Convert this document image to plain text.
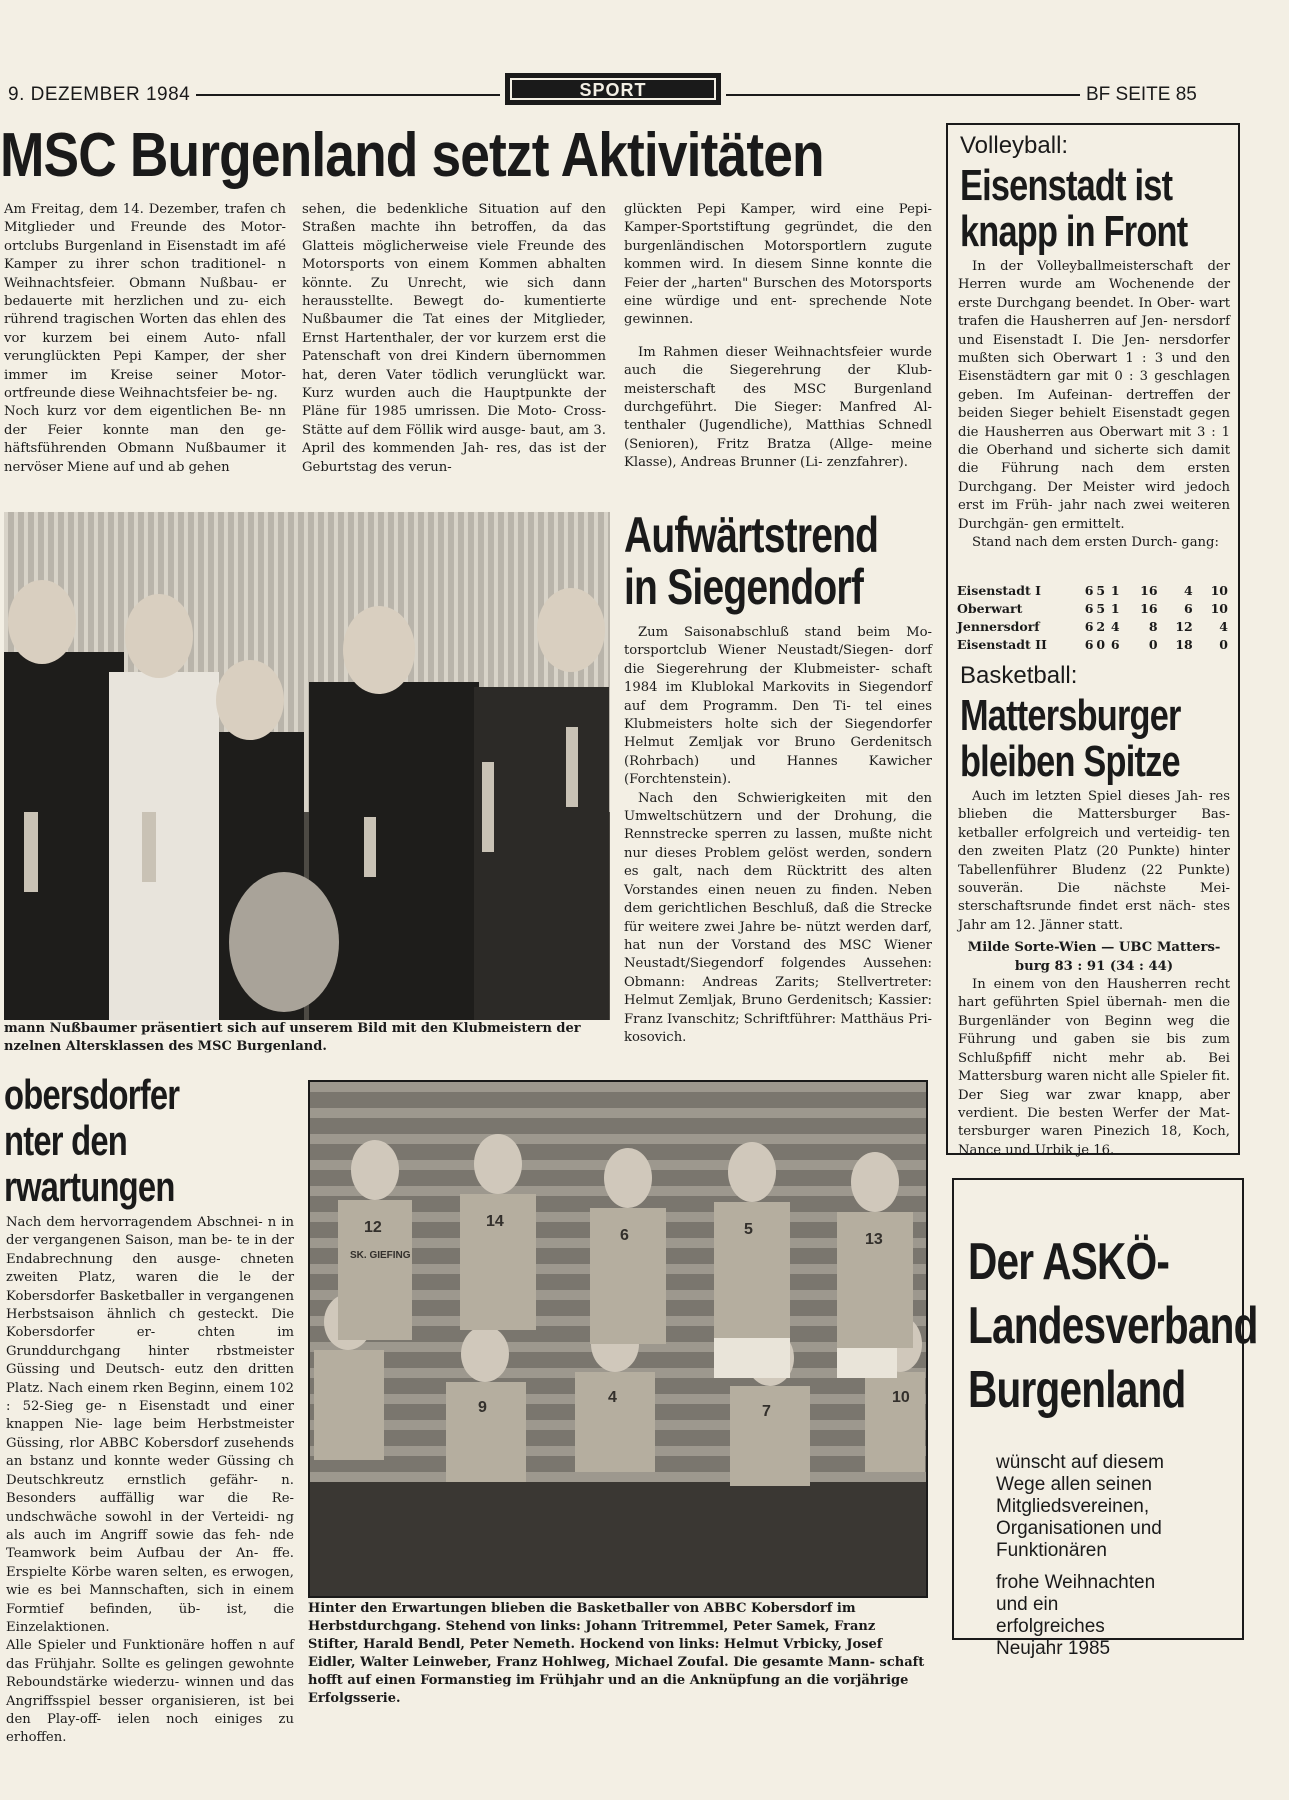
9. DEZEMBER 1984	SPORT	BF SEITE 85
MSC Burgenland setzt Aktivitäten

Am Freitag, dem 14. Dezember, trafen ch Mitglieder und Freunde des Motor- ortclubs Burgenland in Eisenstadt im afé Kamper zu ihrer schon traditionel- n Weihnachtsfeier. Obmann Nußbau- er bedauerte mit herzlichen und zu- eich rührend tragischen Worten das ehlen des vor kurzem bei einem Auto- nfall verunglückten Pepi Kamper, der sher immer im Kreise seiner Motor- ortfreunde diese Weihnachtsfeier be- ng.

Noch kurz vor dem eigentlichen Be- nn der Feier konnte man den ge- häftsführenden Obmann Nußbaumer it nervöser Miene auf und ab gehen

sehen, die bedenkliche Situation auf den Straßen machte ihn betroffen, da das Glatteis möglicherweise viele Freunde des Motorsports von einem Kommen abhalten könnte. Zu Unrecht, wie sich dann herausstellte. Bewegt do- kumentierte Nußbaumer die Tat eines der Mitglieder, Ernst Hartenthaler, der vor kurzem erst die Patenschaft von drei Kindern übernommen hat, deren Vater tödlich verunglückt war. Kurz wurden auch die Hauptpunkte der Pläne für 1985 umrissen. Die Moto- Cross-Stätte auf dem Föllik wird ausge- baut, am 3. April des kommenden Jah- res, das ist der Geburtstag des verun-

glückten Pepi Kamper, wird eine Pepi- Kamper-Sportstiftung gegründet, die den burgenländischen Motorsportlern zugute kommen wird. In diesem Sinne konnte die Feier der „harten" Burschen des Motorsports eine würdige und ent- sprechende Note gewinnen.

Im Rahmen dieser Weihnachtsfeier wurde auch die Siegerehrung der Klub- meisterschaft des MSC Burgenland durchgeführt. Die Sieger: Manfred Al- tenthaler (Jugendliche), Matthias Schnedl (Senioren), Fritz Bratza (Allge- meine Klasse), Andreas Brunner (Li- zenzfahrer).

mann Nußbaumer präsentiert sich auf unserem Bild mit den Klubmeistern der nzelnen Altersklassen des MSC Burgenland.
Aufwärtstrend
in Siegendorf

Zum Saisonabschluß stand beim Mo- torsportclub Wiener Neustadt/Siegen- dorf die Siegerehrung der Klubmeister- schaft 1984 im Klublokal Markovits in Siegendorf auf dem Programm. Den Ti- tel eines Klubmeisters holte sich der Siegendorfer Helmut Zemljak vor Bruno Gerdenitsch (Rohrbach) und Hannes Kawicher (Forchtenstein).

Nach den Schwierigkeiten mit den Umweltschützern und der Drohung, die Rennstrecke sperren zu lassen, mußte nicht nur dieses Problem gelöst werden, sondern es galt, nach dem Rücktritt des alten Vorstandes einen neuen zu finden. Neben dem gerichtlichen Beschluß, daß die Strecke für weitere zwei Jahre be- nützt werden darf, hat nun der Vorstand des MSC Wiener Neustadt/Siegendorf folgendes Aussehen: Obmann: Andreas Zarits; Stellvertreter: Helmut Zemljak, Bruno Gerdenitsch; Kassier: Franz Ivanschitz; Schriftführer: Matthäus Pri- kosovich.

Volleyball:
Eisenstadt ist
knapp in Front

In der Volleyballmeisterschaft der Herren wurde am Wochenende der erste Durchgang beendet. In Ober- wart trafen die Hausherren auf Jen- nersdorf und Eisenstadt I. Die Jen- nersdorfer mußten sich Oberwart 1 : 3 und den Eisenstädtern gar mit 0 : 3 geschlagen geben. Im Aufeinan- dertreffen der beiden Sieger behielt Eisenstadt gegen die Hausherren aus Oberwart mit 3 : 1 die Oberhand und sicherte sich damit die Führung nach dem ersten Durchgang. Der Meister wird jedoch erst im Früh- jahr nach zwei weiteren Durchgän- gen ermittelt.

Stand nach dem ersten Durch- gang:

Eisenstadt I	6	5	1	16	4	10
Oberwart	6	5	1	16	6	10
Jennersdorf	6	2	4	8	12	4
Eisenstadt II	6	0	6	0	18	0
Basketball:
Mattersburger
bleiben Spitze

Auch im letzten Spiel dieses Jah- res blieben die Mattersburger Bas- ketballer erfolgreich und verteidig- ten den zweiten Platz (20 Punkte) hinter Tabellenführer Bludenz (22 Punkte) souverän. Die nächste Mei- sterschaftsrunde findet erst näch- stes Jahr am 12. Jänner statt.

Milde Sorte-Wien — UBC Matters- burg 83 : 91 (34 : 44)

In einem von den Hausherren recht hart geführten Spiel übernah- men die Burgenländer von Beginn weg die Führung und gaben sie bis zum Schlußpfiff nicht mehr ab. Bei Mattersburg waren nicht alle Spieler fit. Der Sieg war zwar knapp, aber verdient. Die besten Werfer der Mat- tersburger waren Pinezich 18, Koch, Nance und Urbik je 16.

obersdorfer
nter den
rwartungen

Nach dem hervorragendem Abschnei- n in der vergangenen Saison, man be- te in der Endabrechnung den ausge- chneten zweiten Platz, waren die le der Kobersdorfer Basketballer in vergangenen Herbstsaison ähnlich ch gesteckt. Die Kobersdorfer er- chten im Grunddurchgang hinter rbstmeister Güssing und Deutsch- eutz den dritten Platz. Nach einem rken Beginn, einem 102 : 52-Sieg ge- n Eisenstadt und einer knappen Nie- lage beim Herbstmeister Güssing, rlor ABBC Kobersdorf zusehends an bstanz und konnte weder Güssing ch Deutschkreutz ernstlich gefähr- n. Besonders auffällig war die Re- undschwäche sowohl in der Verteidi- ng als auch im Angriff sowie das feh- nde Teamwork beim Aufbau der An- ffe. Erspielte Körbe waren selten, es erwogen, wie es bei Mannschaften, sich in einem Formtief befinden, üb- ist, die Einzelaktionen.

Alle Spieler und Funktionäre hoffen n auf das Frühjahr. Sollte es gelingen gewohnte Reboundstärke wiederzu- winnen und das Angriffsspiel besser organisieren, ist bei den Play-off- ielen noch einiges zu erhoffen.

12	14
6	5
13
9
4
7
10
SK. GIEFING
Hinter den Erwartungen blieben die Basketballer von ABBC Kobersdorf im Herbstdurchgang. Stehend von links: Johann Tritremmel, Peter Samek, Franz Stifter, Harald Bendl, Peter Nemeth. Hockend von links: Helmut Vrbicky, Josef Eidler, Walter Leinweber, Franz Hohlweg, Michael Zoufal. Die gesamte Mann- schaft hofft auf einen Formanstieg im Frühjahr und an die Anknüpfung an die vorjährige Erfolgsserie.
Der ASKÖ-
Landesverband
Burgenland
wünscht auf diesem
Wege allen seinen
Mitgliedsvereinen,
Organisationen und
Funktionären
frohe Weihnachten
und ein
erfolgreiches
Neujahr 1985
